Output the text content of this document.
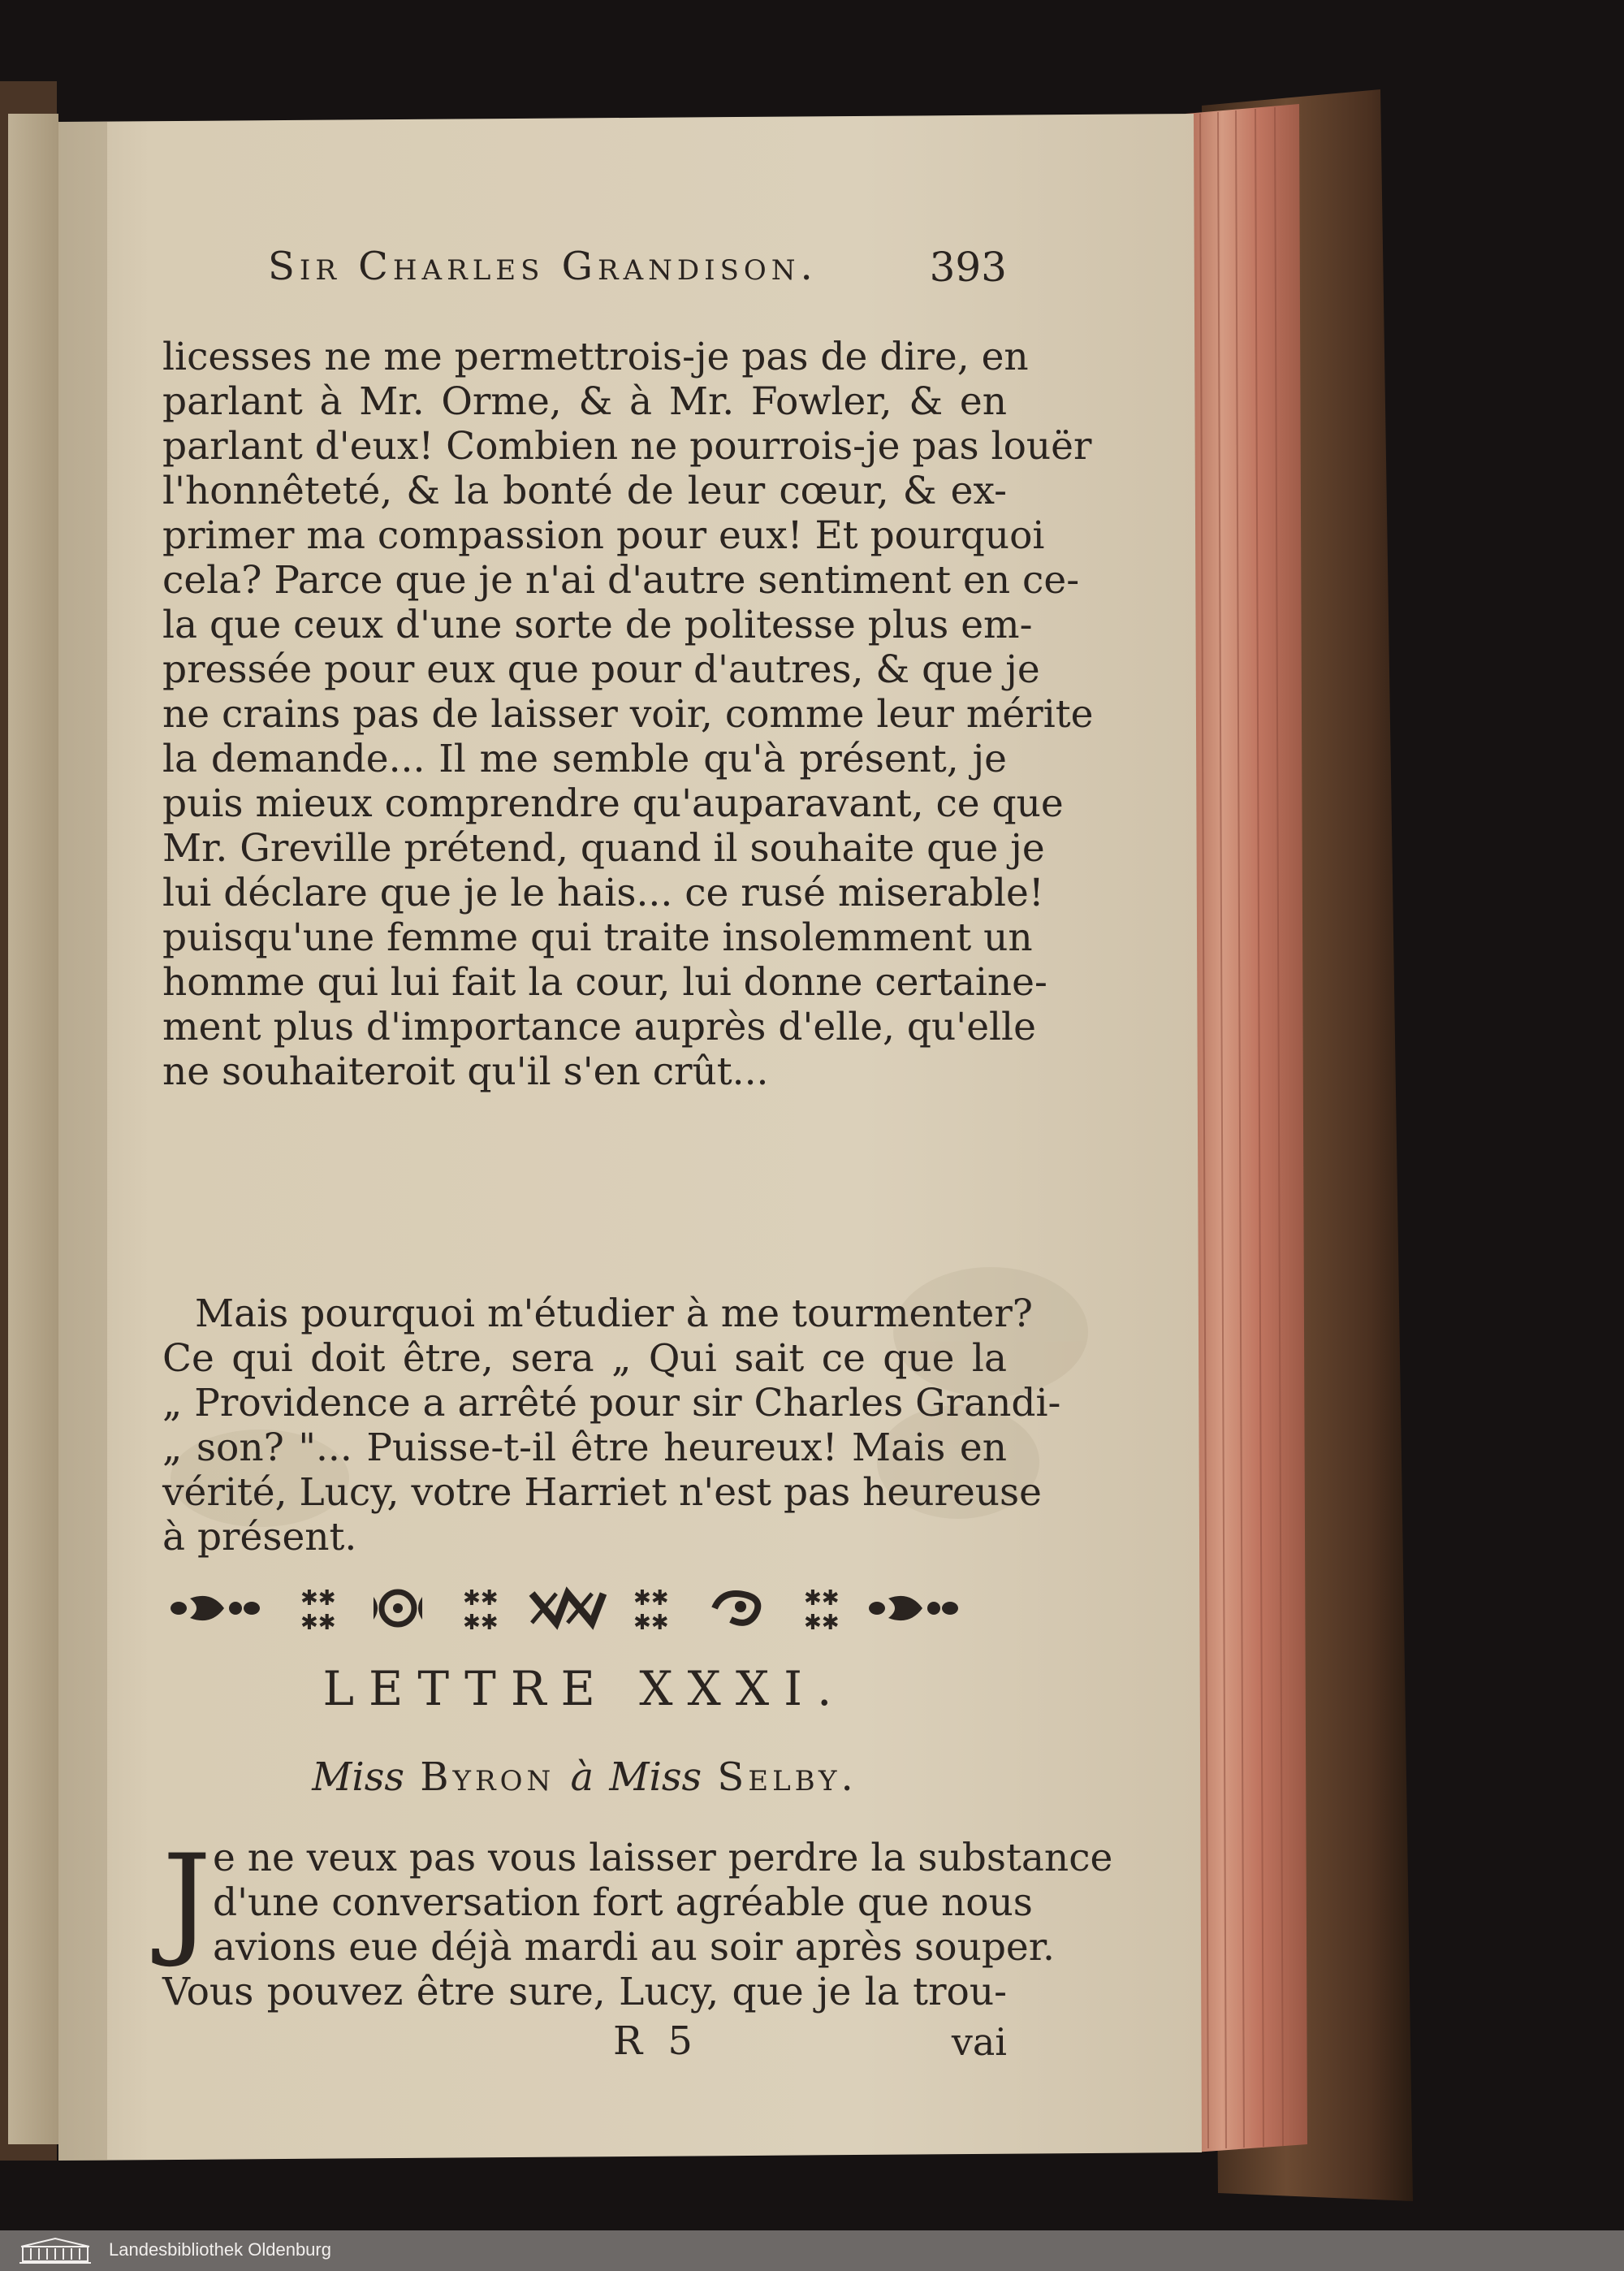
Sir Charles Grandison.	393
licesses ne me permettrois-je pas de dire, en
parlant à Mr. Orme, & à Mr. Fowler, & en
parlant d'eux! Combien ne pourrois-je pas louër
l'honnêteté, & la bonté de leur cœur, & ex-
primer ma compassion pour eux! Et pourquoi
cela? Parce que je n'ai d'autre sentiment en ce-
la que ceux d'une sorte de politesse plus em-
pressée pour eux que pour d'autres, & que je
ne crains pas de laisser voir, comme leur mérite
la demande... Il me semble qu'à présent, je
puis mieux comprendre qu'auparavant, ce que
Mr. Greville prétend, quand il souhaite que je
lui déclare que je le hais... ce rusé miserable!
puisqu'une femme qui traite insolemment un
homme qui lui fait la cour, lui donne certaine-
ment plus d'importance auprès d'elle, qu'elle
ne souhaiteroit qu'il s'en crût...
Mais pourquoi m'étudier à me tourmenter?
Ce qui doit être, sera „ Qui sait ce que la
„ Providence a arrêté pour sir Charles Grandi-
„ son? "... Puisse-t-il être heureux! Mais en
vérité, Lucy, votre Harriet n'est pas heureuse
à présent.
✱✱
✱✱
✱✱
✱✱
✱✱
✱✱
✱✱
✱✱
LETTRE XXXI.
Miss Byron à Miss Selby.
J e ne veux pas vous laisser perdre la substance
d'une conversation fort agréable que nous
avions eue déjà mardi au soir après souper.
Vous pouvez être sure, Lucy, que je la trou-
R 5	vai
Landesbibliothek Oldenburg
